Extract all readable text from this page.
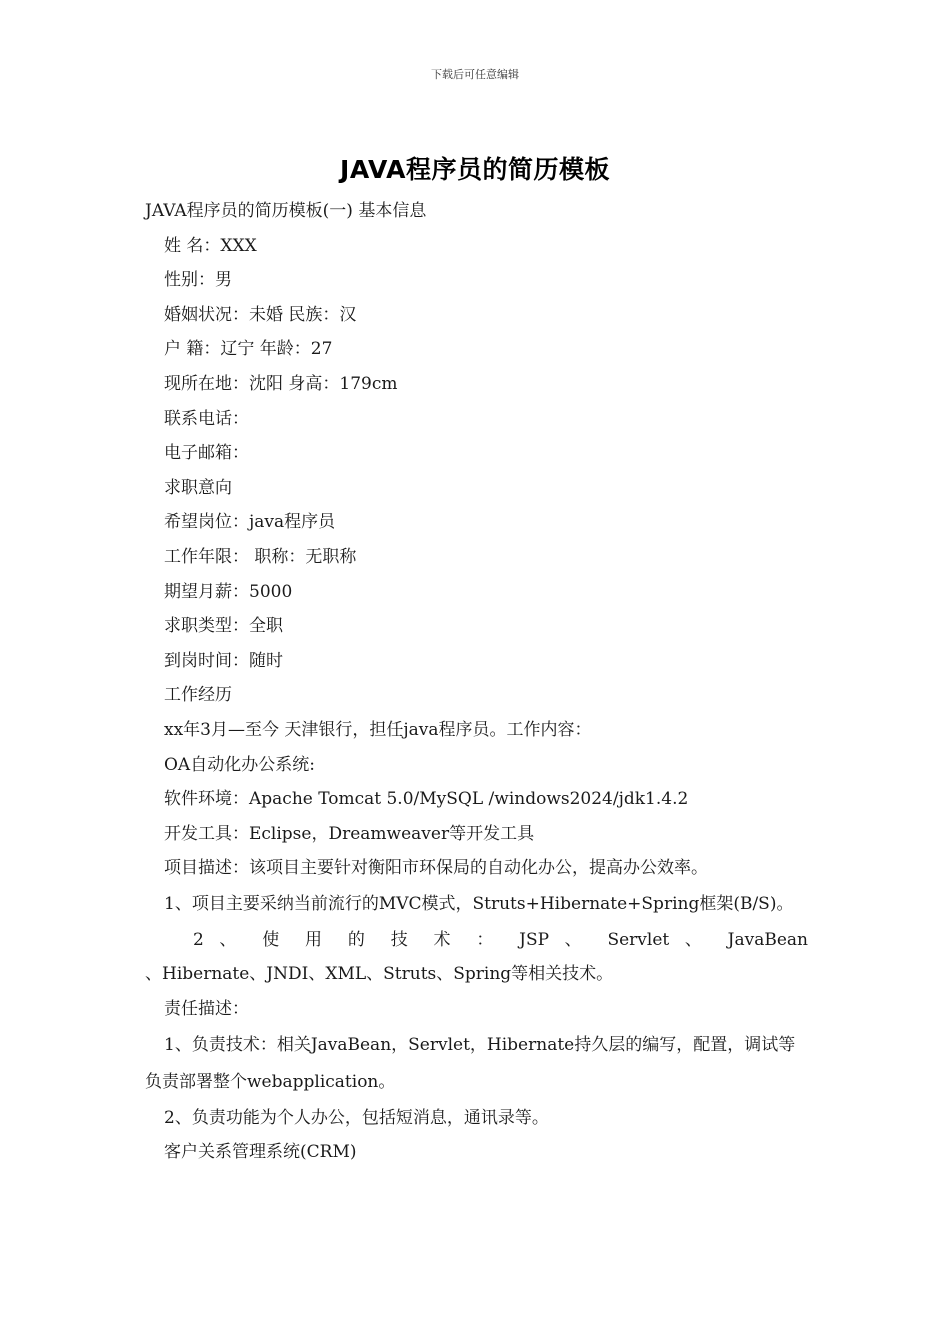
下载后可任意编辑
JAVA程序员的简历模板
JAVA程序员的简历模板(一) 基本信息
姓 名：XXX
性别：男
婚姻状况：未婚 民族：汉
户 籍：辽宁 年龄：27
现所在地：沈阳 身高：179cm
联系电话：
电子邮箱：
求职意向
希望岗位：java程序员
工作年限： 职称：无职称
期望月薪：5000
求职类型：全职
到岗时间：随时
工作经历
xx年3月—至今 天津银行，担任java程序员。工作内容：
OA自动化办公系统:
软件环境：Apache Tomcat 5.0/MySQL /windows2024/jdk1.4.2
开发工具：Eclipse，Dreamweaver等开发工具
项目描述：该项目主要针对衡阳市环保局的自动化办公，提高办公效率。
1、项目主要采纳当前流行的MVC模式，Struts+Hibernate+Spring框架(B/S)。
2 、 使 用 的 技 术 ： JSP 、 Servlet 、 JavaBean
、Hibernate、JNDI、XML、Struts、Spring等相关技术。
责任描述：
1、负责技术：相关JavaBean，Servlet，Hibernate持久层的编写，配置，调试等负责部署整个webapplication。
2、负责功能为个人办公，包括短消息，通讯录等。
客户关系管理系统(CRM)
